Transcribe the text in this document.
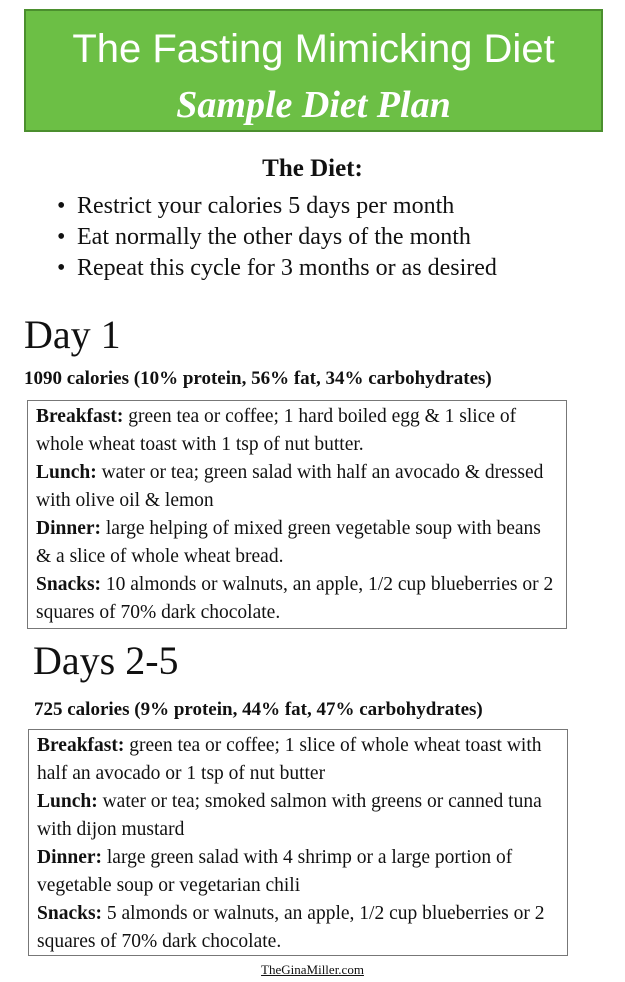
The Fasting Mimicking Diet
Sample Diet Plan
The Diet:
• Restrict your calories 5 days per month
• Eat normally the other days of the month
• Repeat this cycle for 3 months or as desired
Day 1
1090 calories (10% protein, 56% fat, 34% carbohydrates)

Breakfast: green tea or coffee; 1 hard boiled egg & 1 slice of whole wheat toast with 1 tsp of nut butter.

Lunch: water or tea; green salad with half an avocado & dressed with olive oil & lemon

Dinner: large helping of mixed green vegetable soup with beans & a slice of whole wheat bread.

Snacks: 10 almonds or walnuts, an apple, 1/2 cup blueberries or 2 squares of 70% dark chocolate.

Days 2-5
725 calories (9% protein, 44% fat, 47% carbohydrates)

Breakfast: green tea or coffee; 1 slice of whole wheat toast with half an avocado or 1 tsp of nut butter

Lunch: water or tea; smoked salmon with greens or canned tuna with dijon mustard

Dinner: large green salad with 4 shrimp or a large portion of vegetable soup or vegetarian chili

Snacks: 5 almonds or walnuts, an apple, 1/2 cup blueberries or 2 squares of 70% dark chocolate.

TheGinaMiller.com
